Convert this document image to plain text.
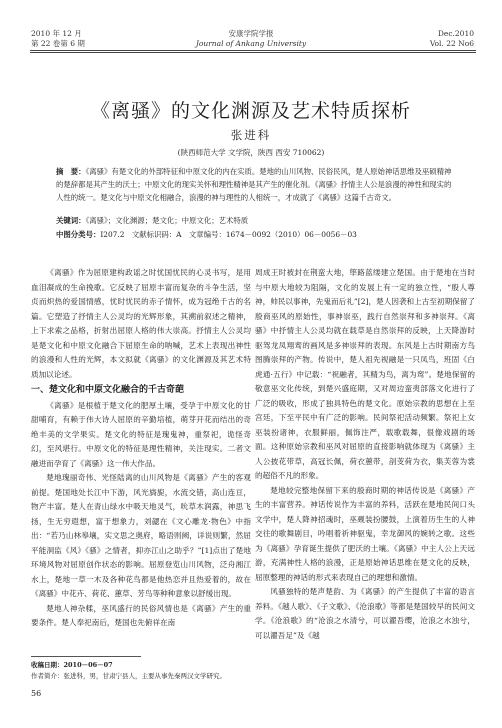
2010 年 12 月
第 22 卷第 6 期
安康学院学报
Journal of Ankang University
Dec.2010
Vol. 22 No6
《离骚》的文化渊源及艺术特质探析
张进科
(陕西师范大学 文学院，陕西 西安 710062)
摘　要：《离骚》有楚文化的外部特征和中原文化的内在实质。楚地的山川风物、民俗民风，楚人原始神话思维及巫硕精神的楚辞都是其产生的沃土；中原文化的现实关怀和理性精神是其产生的催化剂。《离骚》抒情主人公是浪漫的神性和现实的人性的统一。楚文化与中原文化相融合，浪漫的神与理性的人相统一，才成就了《离骚》这篇千古奇文。
关键词：《离骚》；文化渊源；楚文化；中原文化；艺术特质
中图分类号：I207.2　文献标识码：A　文章编号：1674－0092（2010）06－0056－03

《离骚》作为屈原建构政谣之时忧国忧民的心灵书写，是用血泪凝成的生命挽歌。它反映了屈原丰富而复杂的斗争生活，坚贞而炽热的爱国情感，忧时忧民的赤子情怀，成为冠绝千古的名篇。它塑造了抒情主人公灵均的光辉形象，其溯前叙述之精神，上下求索之品格，折射出屈原人格的伟大崇高。抒情主人公灵均是楚文化和中原文化融合下屈原生命的呐喊，艺术上表现出神性的浪漫和人性的光辉，本文拟就《离骚》的文化渊源及其艺术特质加以论述。

一、楚文化和中原文化融合的千古奇葩

《离骚》是根植于楚文化的肥厚土壤，受孕于中原文化的甘甜哺育，有赖于伟大诗人屈原的辛勤培植，萌芽开花而结出的奇绝丰美的文学果实。楚文化的特征是瑰鬼神，重祭祀，诡怪奇幻，至风堪行。中原文化的特征是理性精神，关注现实。二者文融进而孕育了《离骚》这一伟大作品。

楚地瑰丽奇伟、光怪陆离的山川风物是《离骚》产生的客观前提。楚国地处长江中下游，风光旖旎，水流交错，高山连亘，物产丰富。楚人在青山绿水中吸天地灵气，吮草木润露，神思飞扬，生无穷遐想，富于想象力，刘勰在《文心雕龙·物色》中指出：“若乃山林皋壤，实文思之奥府，略语则阙，详说则繁，然屈平能洞监《风》《骚》之情者，抑亦江山之助乎？”[1]点出了楚地环境风物对屈原创作状态的影响。屈原登览山川风物，泛舟湘江水上，楚地一草一木及各种花鸟都是他热恋并且热爱着的，故在《离骚》中花卉、荷花、蕙草、芳鸟等种种意象以舒缓出现。

楚地人神杂糅，巫风盛行的民俗风情也是《离骚》产生的重要条件。楚人奉祀南后，楚国也先俯祥在南

周成王时被封在荆蛮大地，筚路蓝缕建立楚国。由于楚地在当时与中原大地较为阻隔，文化的发展上有一定的独立性，“殷人尊神，帅民以事神，先鬼而后礼”[2]，楚人因袭和上古至初期保留了殷商巫风的原始性，事神崇巫，践行自然崇拜和多神崇拜。《离骚》中抒情主人公灵均就在载草是自然崇拜的反映，上天降游时驱驾龙凤翔鸾的画风是多神崇拜的表现。东风是上古时期南方鸟图腾崇拜的产物。传说中，楚人祖先视融是一只凤鸟，班固《白虎通·五行》中记载：“祝融者，其精为鸟，离为鸾”。楚地保留的敬意巫文化传统，到楚兴盛庭期，又对周边蛮夷部落文化进行了广泛的吸收，形成了独具特色的楚文化。原始宗教的思想在上至宫廷，下至平民中有广泛的影响。民间祭祀活动频繁。祭祀上女巫装扮诸神，衣服鲜丽，佩饰注严，载歌载舞，很像戏剧的场面。这种原始宗教和巫风对屈原的直接影响就体现为《离骚》主人公披花带草，高冠长佩，荷衣蕙带，剖芰荷为衣，集芙蓉为裳的超俗不凡的形象。

楚地较完整地保留下来的殷商时期的神话传说是《离骚》产生的丰富营养。神话传说作为丰富的养料，活跃在楚地民间口头文学中，楚人降神招魂时，巫觋装扮腰鼓，上演着历生生的人神交往的歌舞剧目，吟唱着祈神驱鬼，幸龙御风的婉转之歌。这些为《离骚》孕育诞生提供了肥沃的土壤。《离骚》中主人公上天远游，充满神性人格的浪漫，正是原始神话思维在楚文化的反映，屈原整理的神话的形式来表现自己的理想和激情。

风骚独特的楚声楚韵、为《离骚》的产生提供了丰富的语言养料。《越人歌》、《子文歌》、《沧浪歌》等都是楚国较早的民间文学。《沧浪歌》的“沧浪之水清兮，可以濯吾缨，沧浪之水浊兮，可以濯吾足”及《越

收稿日期：2010－06－07
作者简介：张进科，男，甘肃宁县人，主要从事先秦两汉文学研究。
56
